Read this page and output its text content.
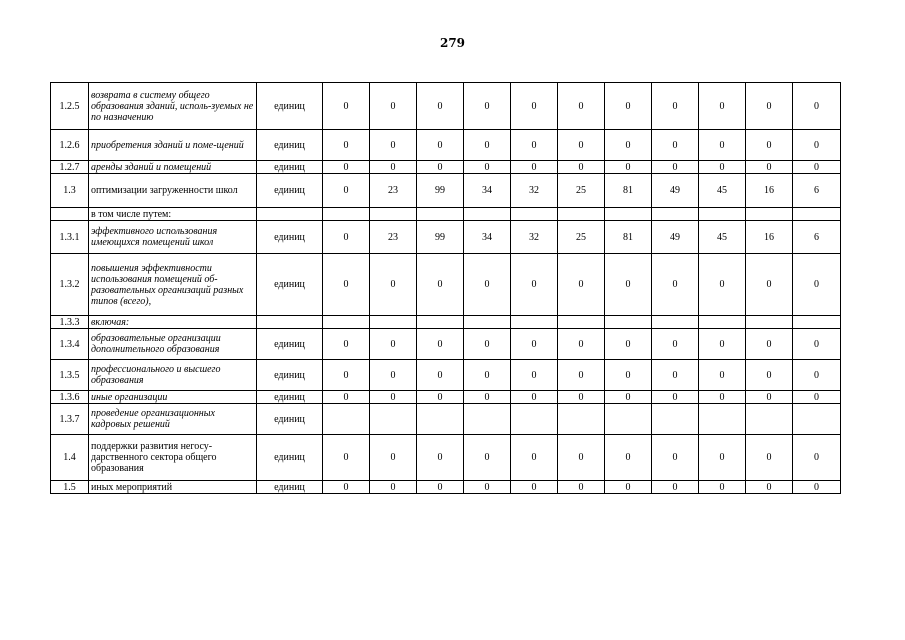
279
1.2.5	возврата в систему общего образования зданий, исполь-зуемых не по назначению	единиц	0	0	0	0	0	0	0	0	0	0	0
1.2.6	приобретения зданий и поме-щений	единиц	0	0	0	0	0	0	0	0	0	0	0
1.2.7	аренды зданий и помещений	единиц	0	0	0	0	0	0	0	0	0	0	0
1.3	оптимизации загруженности школ	единиц	0	23	99	34	32	25	81	49	45	16	6
	в том числе путем:												
1.3.1	эффективного использования имеющихся помещений школ	единиц	0	23	99	34	32	25	81	49	45	16	6
1.3.2	повышения эффективности использования помещений об-разовательных организаций разных типов (всего),	единиц	0	0	0	0	0	0	0	0	0	0	0
1.3.3	включая:												
1.3.4	образовательные организации дополнительного образования	единиц	0	0	0	0	0	0	0	0	0	0	0
1.3.5	профессионального и высшего образования	единиц	0	0	0	0	0	0	0	0	0	0	0
1.3.6	иные организации	единиц	0	0	0	0	0	0	0	0	0	0	0
1.3.7	проведение организационных кадровых решений	единиц											
1.4	поддержки развития негосу-дарственного сектора общего образования	единиц	0	0	0	0	0	0	0	0	0	0	0
1.5	иных мероприятий	единиц	0	0	0	0	0	0	0	0	0	0	0
